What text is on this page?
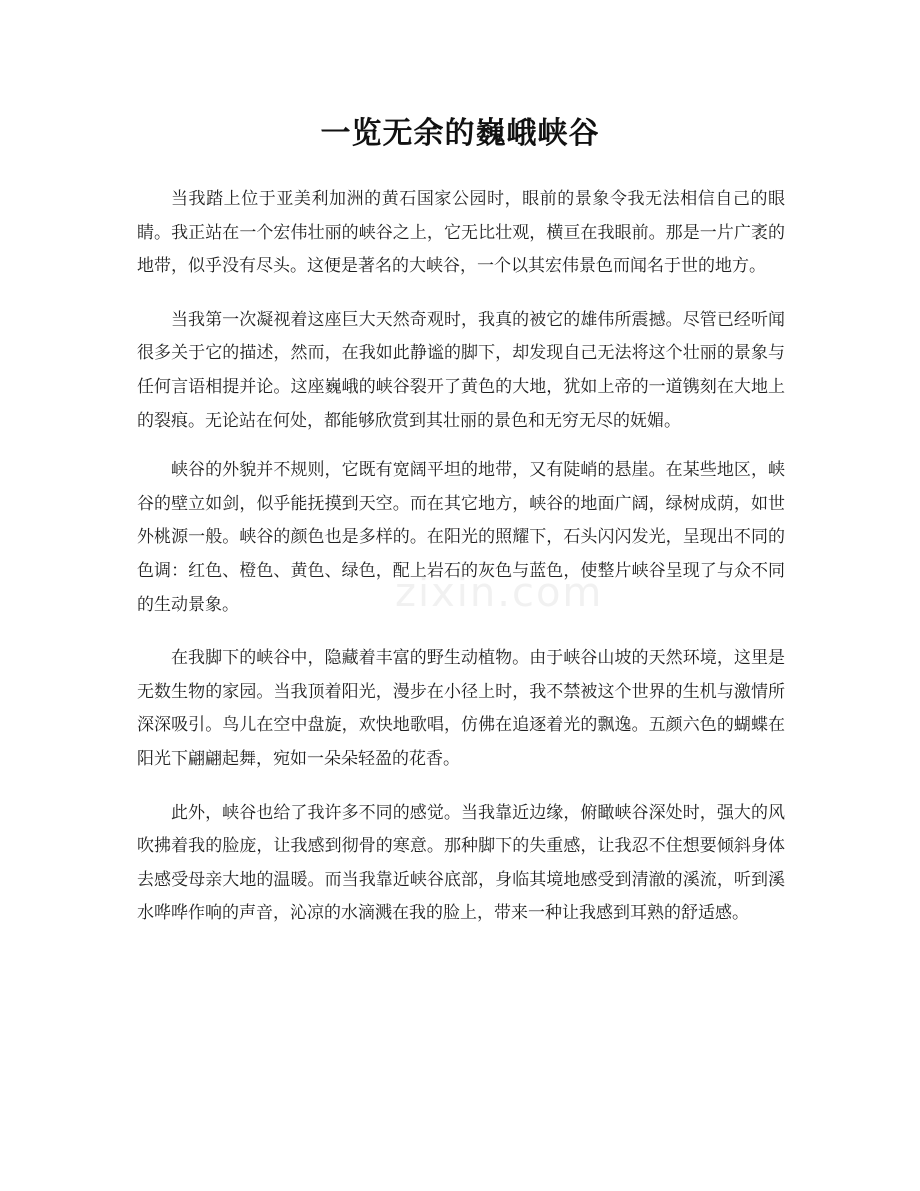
一览无余的巍峨峡谷
zixin.com

当我踏上位于亚美利加洲的黄石国家公园时，眼前的景象令我无法相信自己的眼睛。我正站在一个宏伟壮丽的峡谷之上，它无比壮观，横亘在我眼前。那是一片广袤的地带，似乎没有尽头。这便是著名的大峡谷，一个以其宏伟景色而闻名于世的地方。

当我第一次凝视着这座巨大天然奇观时，我真的被它的雄伟所震撼。尽管已经听闻很多关于它的描述，然而，在我如此静谧的脚下，却发现自己无法将这个壮丽的景象与任何言语相提并论。这座巍峨的峡谷裂开了黄色的大地，犹如上帝的一道镌刻在大地上的裂痕。无论站在何处，都能够欣赏到其壮丽的景色和无穷无尽的妩媚。

峡谷的外貌并不规则，它既有宽阔平坦的地带，又有陡峭的悬崖。在某些地区，峡谷的壁立如剑，似乎能抚摸到天空。而在其它地方，峡谷的地面广阔，绿树成荫，如世外桃源一般。峡谷的颜色也是多样的。在阳光的照耀下，石头闪闪发光，呈现出不同的色调：红色、橙色、黄色、绿色，配上岩石的灰色与蓝色，使整片峡谷呈现了与众不同的生动景象。

在我脚下的峡谷中，隐藏着丰富的野生动植物。由于峡谷山坡的天然环境，这里是无数生物的家园。当我顶着阳光，漫步在小径上时，我不禁被这个世界的生机与激情所深深吸引。鸟儿在空中盘旋，欢快地歌唱，仿佛在追逐着光的飘逸。五颜六色的蝴蝶在阳光下翩翩起舞，宛如一朵朵轻盈的花香。

此外，峡谷也给了我许多不同的感觉。当我靠近边缘，俯瞰峡谷深处时，强大的风吹拂着我的脸庞，让我感到彻骨的寒意。那种脚下的失重感，让我忍不住想要倾斜身体去感受母亲大地的温暖。而当我靠近峡谷底部，身临其境地感受到清澈的溪流，听到溪水哗哗作响的声音，沁凉的水滴溅在我的脸上，带来一种让我感到耳熟的舒适感。
